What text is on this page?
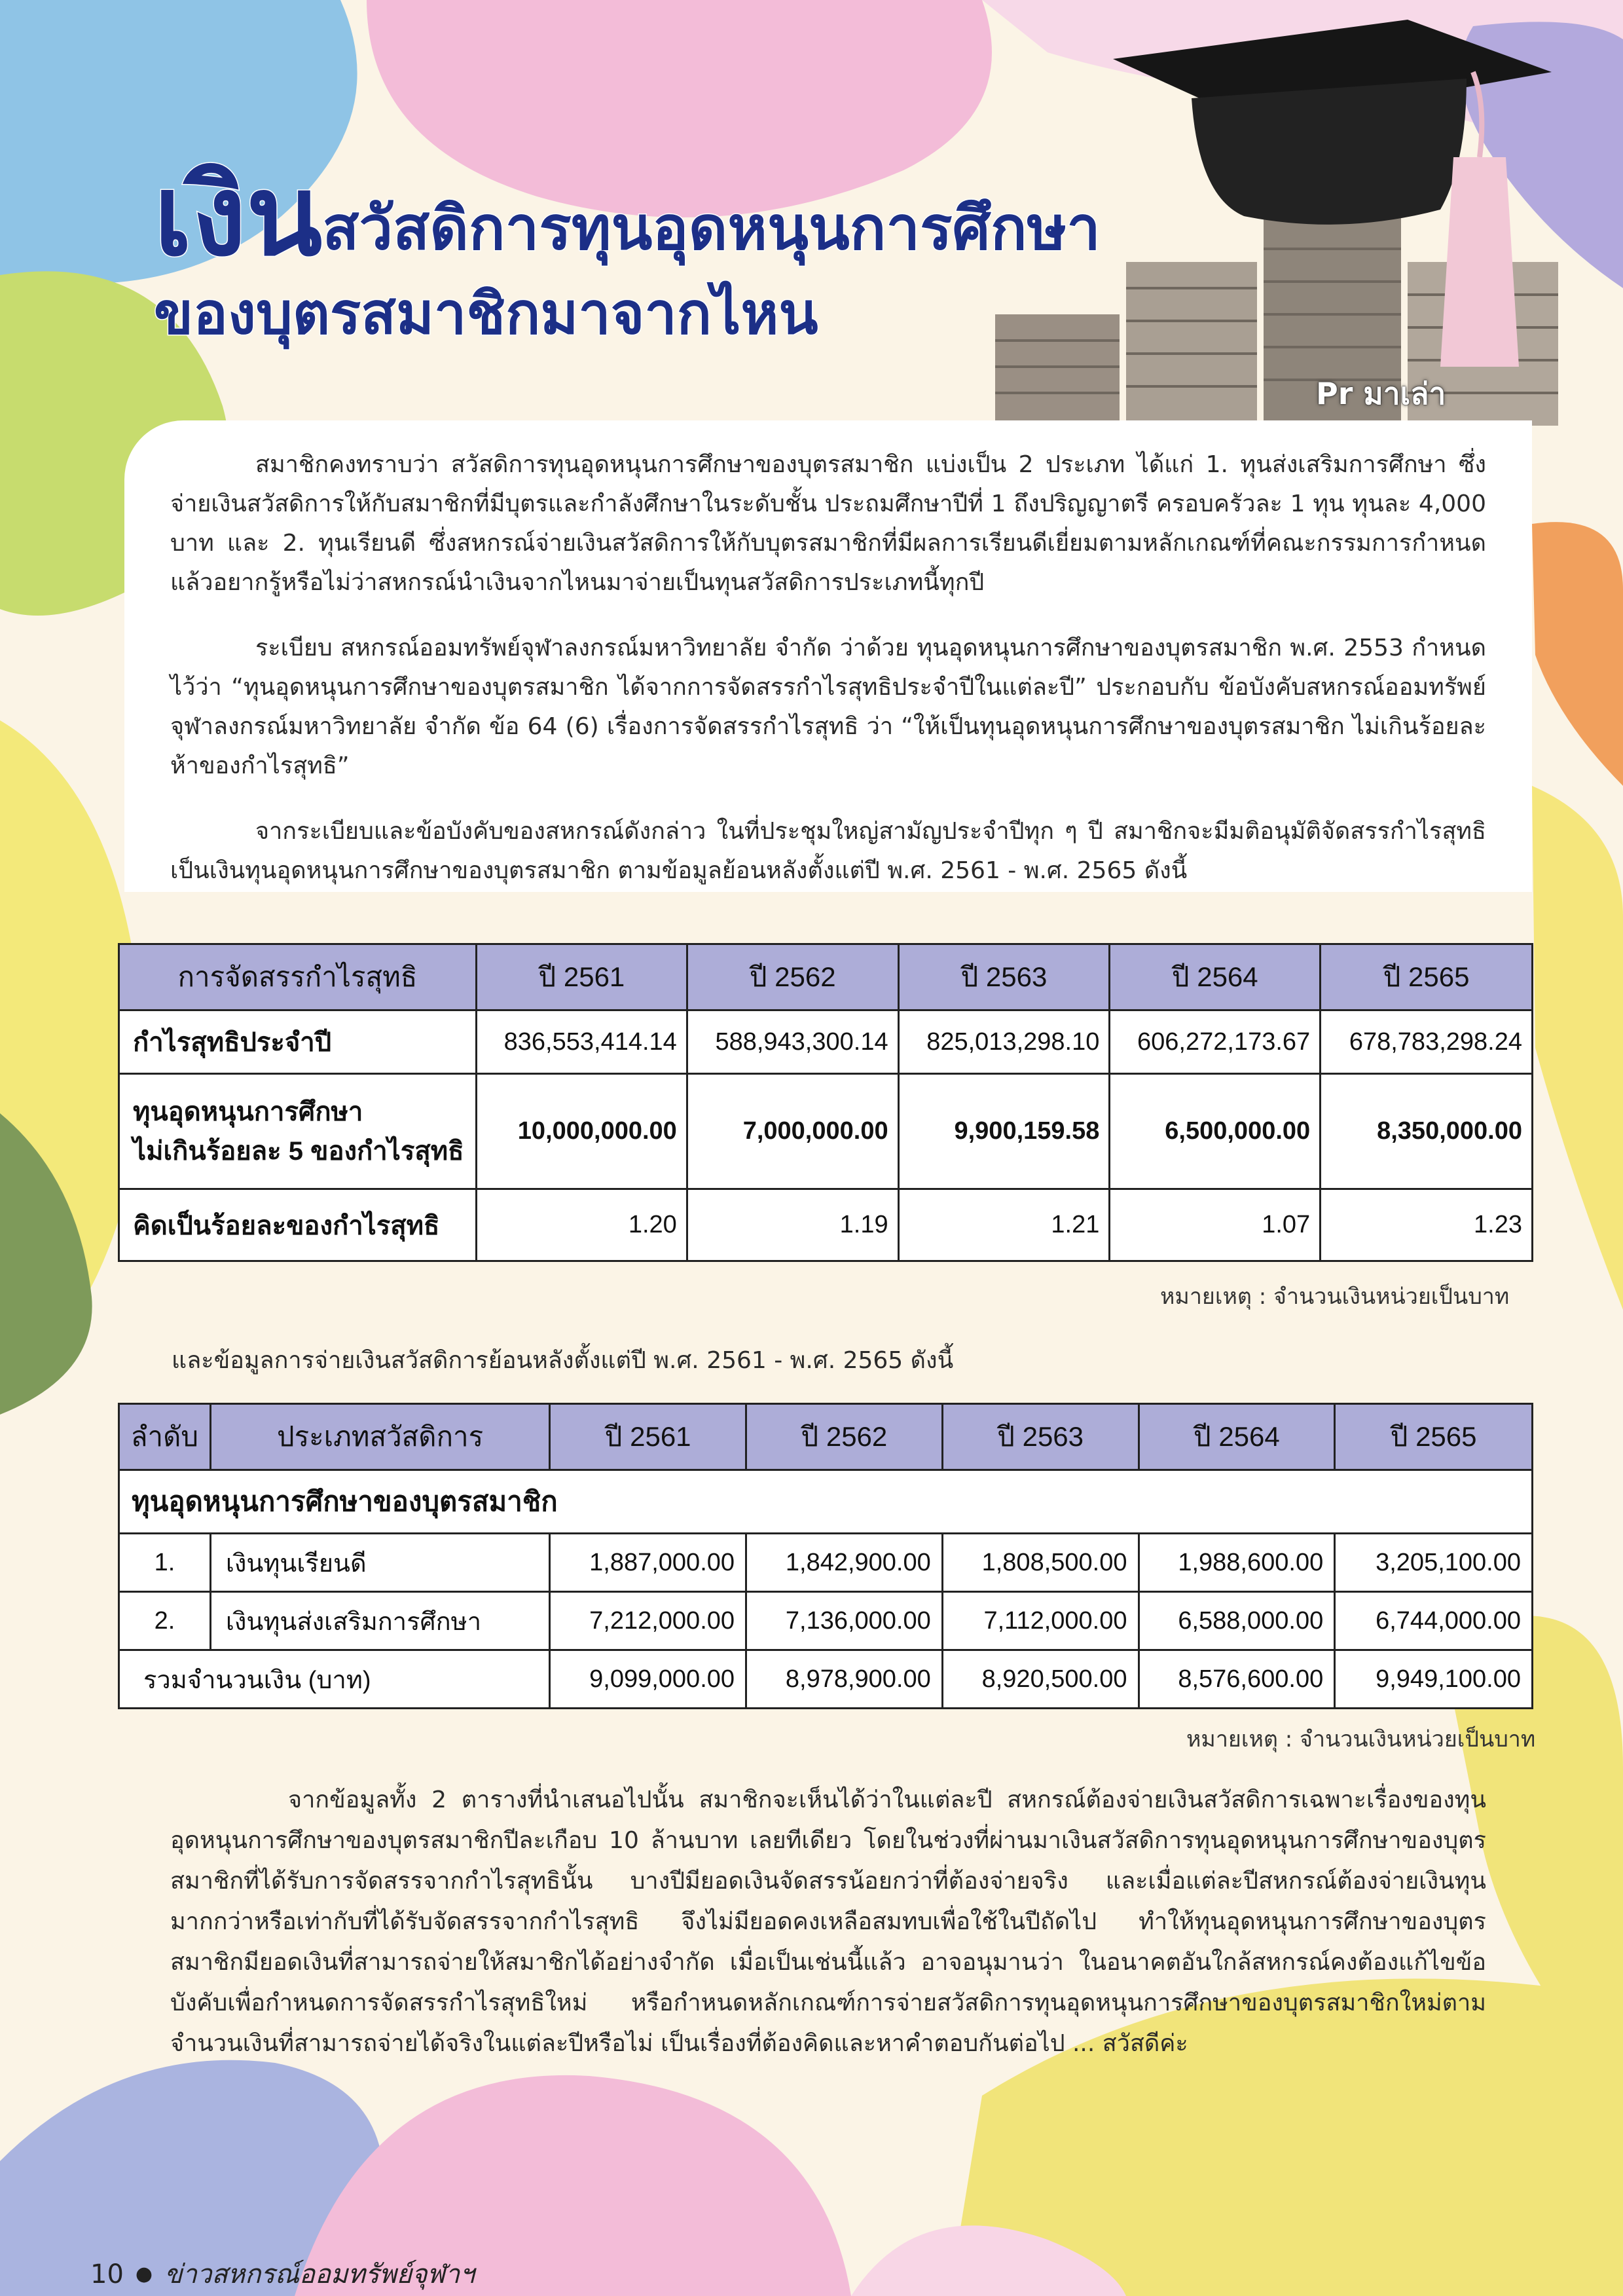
เงินสวัสดิการทุนอุดหนุนการศึกษา
ของบุตรสมาชิกมาจากไหน
Pr มาเล่า
สมาชิกคงทราบว่า สวัสดิการทุนอุดหนุนการศึกษาของบุตรสมาชิก แบ่งเป็น 2 ประเภท ได้แก่ 1. ทุนส่งเสริมการศึกษา ซึ่งจ่ายเงินสวัสดิการให้กับสมาชิกที่มีบุตรและกำลังศึกษาในระดับชั้น ประถมศึกษาปีที่ 1 ถึงปริญญาตรี ครอบครัวละ 1 ทุน ทุนละ 4,000 บาท และ 2. ทุนเรียนดี ซึ่งสหกรณ์จ่ายเงินสวัสดิการให้กับบุตรสมาชิกที่มีผลการเรียนดีเยี่ยมตามหลักเกณฑ์ที่คณะกรรมการกำหนด แล้วอยากรู้หรือไม่ว่าสหกรณ์นำเงินจากไหนมาจ่ายเป็นทุนสวัสดิการประเภทนี้ทุกปี
ระเบียบ สหกรณ์ออมทรัพย์จุฬาลงกรณ์มหาวิทยาลัย จำกัด ว่าด้วย ทุนอุดหนุนการศึกษาของบุตรสมาชิก พ.ศ. 2553 กำหนดไว้ว่า “ทุนอุดหนุนการศึกษาของบุตรสมาชิก ได้จากการจัดสรรกำไรสุทธิประจำปีในแต่ละปี” ประกอบกับ ข้อบังคับสหกรณ์ออมทรัพย์จุฬาลงกรณ์มหาวิทยาลัย จำกัด ข้อ 64 (6) เรื่องการจัดสรรกำไรสุทธิ ว่า “ให้เป็นทุนอุดหนุนการศึกษาของบุตรสมาชิก ไม่เกินร้อยละห้าของกำไรสุทธิ”
จากระเบียบและข้อบังคับของสหกรณ์ดังกล่าว ในที่ประชุมใหญ่สามัญประจำปีทุก ๆ ปี สมาชิกจะมีมติอนุมัติจัดสรรกำไรสุทธิเป็นเงินทุนอุดหนุนการศึกษาของบุตรสมาชิก ตามข้อมูลย้อนหลังตั้งแต่ปี พ.ศ. 2561 - พ.ศ. 2565 ดังนี้
การจัดสรรกำไรสุทธิ	ปี 2561	ปี 2562	ปี 2563	ปี 2564	ปี 2565
กำไรสุทธิประจำปี	836,553,414.14	588,943,300.14	825,013,298.10	606,272,173.67	678,783,298.24

ทุนอุดหนุนการศึกษา
ไม่เกินร้อยละ 5 ของกำไรสุทธิ	10,000,000.00	7,000,000.00	9,900,159.58	6,500,000.00	8,350,000.00
คิดเป็นร้อยละของกำไรสุทธิ	1.20	1.19	1.21	1.07	1.23
หมายเหตุ : จำนวนเงินหน่วยเป็นบาท
และข้อมูลการจ่ายเงินสวัสดิการย้อนหลังตั้งแต่ปี พ.ศ. 2561 - พ.ศ. 2565 ดังนี้
ลำดับ	ประเภทสวัสดิการ	ปี 2561	ปี 2562	ปี 2563	ปี 2564	ปี 2565
ทุนอุดหนุนการศึกษาของบุตรสมาชิก						
1.	เงินทุนเรียนดี	1,887,000.00	1,842,900.00	1,808,500.00	1,988,600.00	3,205,100.00
2.	เงินทุนส่งเสริมการศึกษา	7,212,000.00	7,136,000.00	7,112,000.00	6,588,000.00	6,744,000.00
รวมจำนวนเงิน (บาท)		9,099,000.00	8,978,900.00	8,920,500.00	8,576,600.00	9,949,100.00
หมายเหตุ : จำนวนเงินหน่วยเป็นบาท
จากข้อมูลทั้ง 2 ตารางที่นำเสนอไปนั้น สมาชิกจะเห็นได้ว่าในแต่ละปี สหกรณ์ต้องจ่ายเงินสวัสดิการเฉพาะเรื่องของทุนอุดหนุนการศึกษาของบุตรสมาชิกปีละเกือบ 10 ล้านบาท เลยทีเดียว โดยในช่วงที่ผ่านมาเงินสวัสดิการทุนอุดหนุนการศึกษาของบุตรสมาชิกที่ได้รับการจัดสรรจากกำไรสุทธินั้น บางปีมียอดเงินจัดสรรน้อยกว่าที่ต้องจ่ายจริง และเมื่อแต่ละปีสหกรณ์ต้องจ่ายเงินทุนมากกว่าหรือเท่ากับที่ได้รับจัดสรรจากกำไรสุทธิ จึงไม่มียอดคงเหลือสมทบเพื่อใช้ในปีถัดไป ทำให้ทุนอุดหนุนการศึกษาของบุตรสมาชิกมียอดเงินที่สามารถจ่ายให้สมาชิกได้อย่างจำกัด เมื่อเป็นเช่นนี้แล้ว อาจอนุมานว่า ในอนาคตอันใกล้สหกรณ์คงต้องแก้ไขข้อบังคับเพื่อกำหนดการจัดสรรกำไรสุทธิใหม่ หรือกำหนดหลักเกณฑ์การจ่ายสวัสดิการทุนอุดหนุนการศึกษาของบุตรสมาชิกใหม่ตามจำนวนเงินที่สามารถจ่ายได้จริงในแต่ละปีหรือไม่ เป็นเรื่องที่ต้องคิดและหาคำตอบกันต่อไป ... สวัสดีค่ะ
10 ● ข่าวสหกรณ์ออมทรัพย์จุฬาฯ
